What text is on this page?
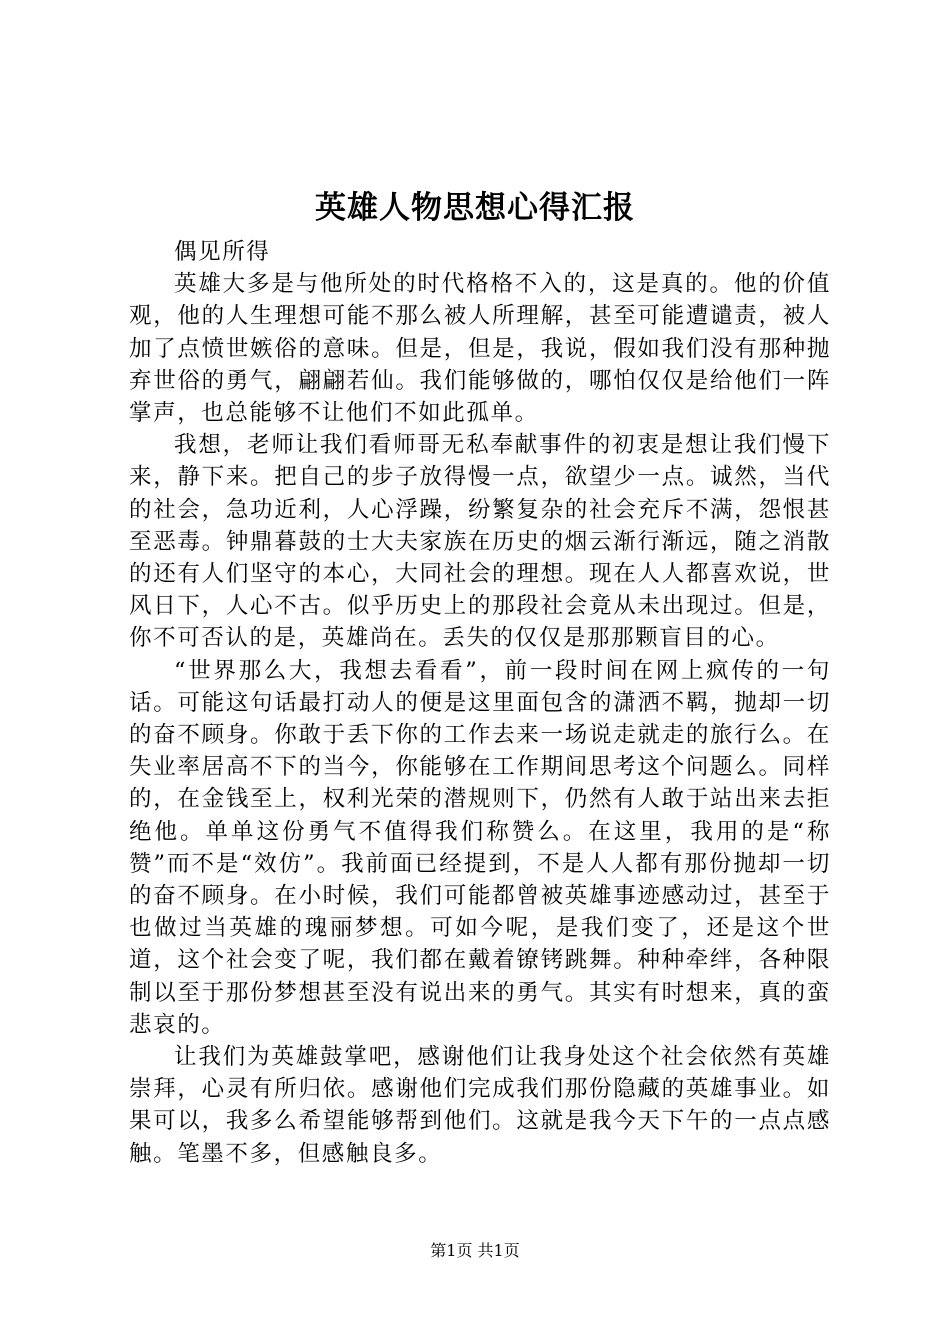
英雄人物思想心得汇报

偶见所得

英雄大多是与他所处的时代格格不入的，这是真的。他的价值观，他的人生理想可能不那么被人所理解，甚至可能遭谴责，被人加了点愤世嫉俗的意味。但是，但是，我说，假如我们没有那种抛弃世俗的勇气，翩翩若仙。我们能够做的，哪怕仅仅是给他们一阵掌声，也总能够不让他们不如此孤单。

我想，老师让我们看师哥无私奉献事件的初衷是想让我们慢下来，静下来。把自己的步子放得慢一点，欲望少一点。诚然，当代的社会，急功近利，人心浮躁，纷繁复杂的社会充斥不满，怨恨甚至恶毒。钟鼎暮鼓的士大夫家族在历史的烟云渐行渐远，随之消散的还有人们坚守的本心，大同社会的理想。现在人人都喜欢说，世风日下，人心不古。似乎历史上的那段社会竟从未出现过。但是，你不可否认的是，英雄尚在。丢失的仅仅是那那颗盲目的心。

“世界那么大，我想去看看”，前一段时间在网上疯传的一句话。可能这句话最打动人的便是这里面包含的潇洒不羁，抛却一切的奋不顾身。你敢于丢下你的工作去来一场说走就走的旅行么。在失业率居高不下的当今，你能够在工作期间思考这个问题么。同样的，在金钱至上，权利光荣的潜规则下，仍然有人敢于站出来去拒绝他。单单这份勇气不值得我们称赞么。在这里，我用的是“称赞”而不是“效仿”。我前面已经提到，不是人人都有那份抛却一切的奋不顾身。在小时候，我们可能都曾被英雄事迹感动过，甚至于也做过当英雄的瑰丽梦想。可如今呢，是我们变了，还是这个世道，这个社会变了呢，我们都在戴着镣铐跳舞。种种牵绊，各种限制以至于那份梦想甚至没有说出来的勇气。其实有时想来，真的蛮悲哀的。

让我们为英雄鼓掌吧，感谢他们让我身处这个社会依然有英雄崇拜，心灵有所归依。感谢他们完成我们那份隐藏的英雄事业。如果可以，我多么希望能够帮到他们。这就是我今天下午的一点点感触。笔墨不多，但感触良多。

第1页 共1页
